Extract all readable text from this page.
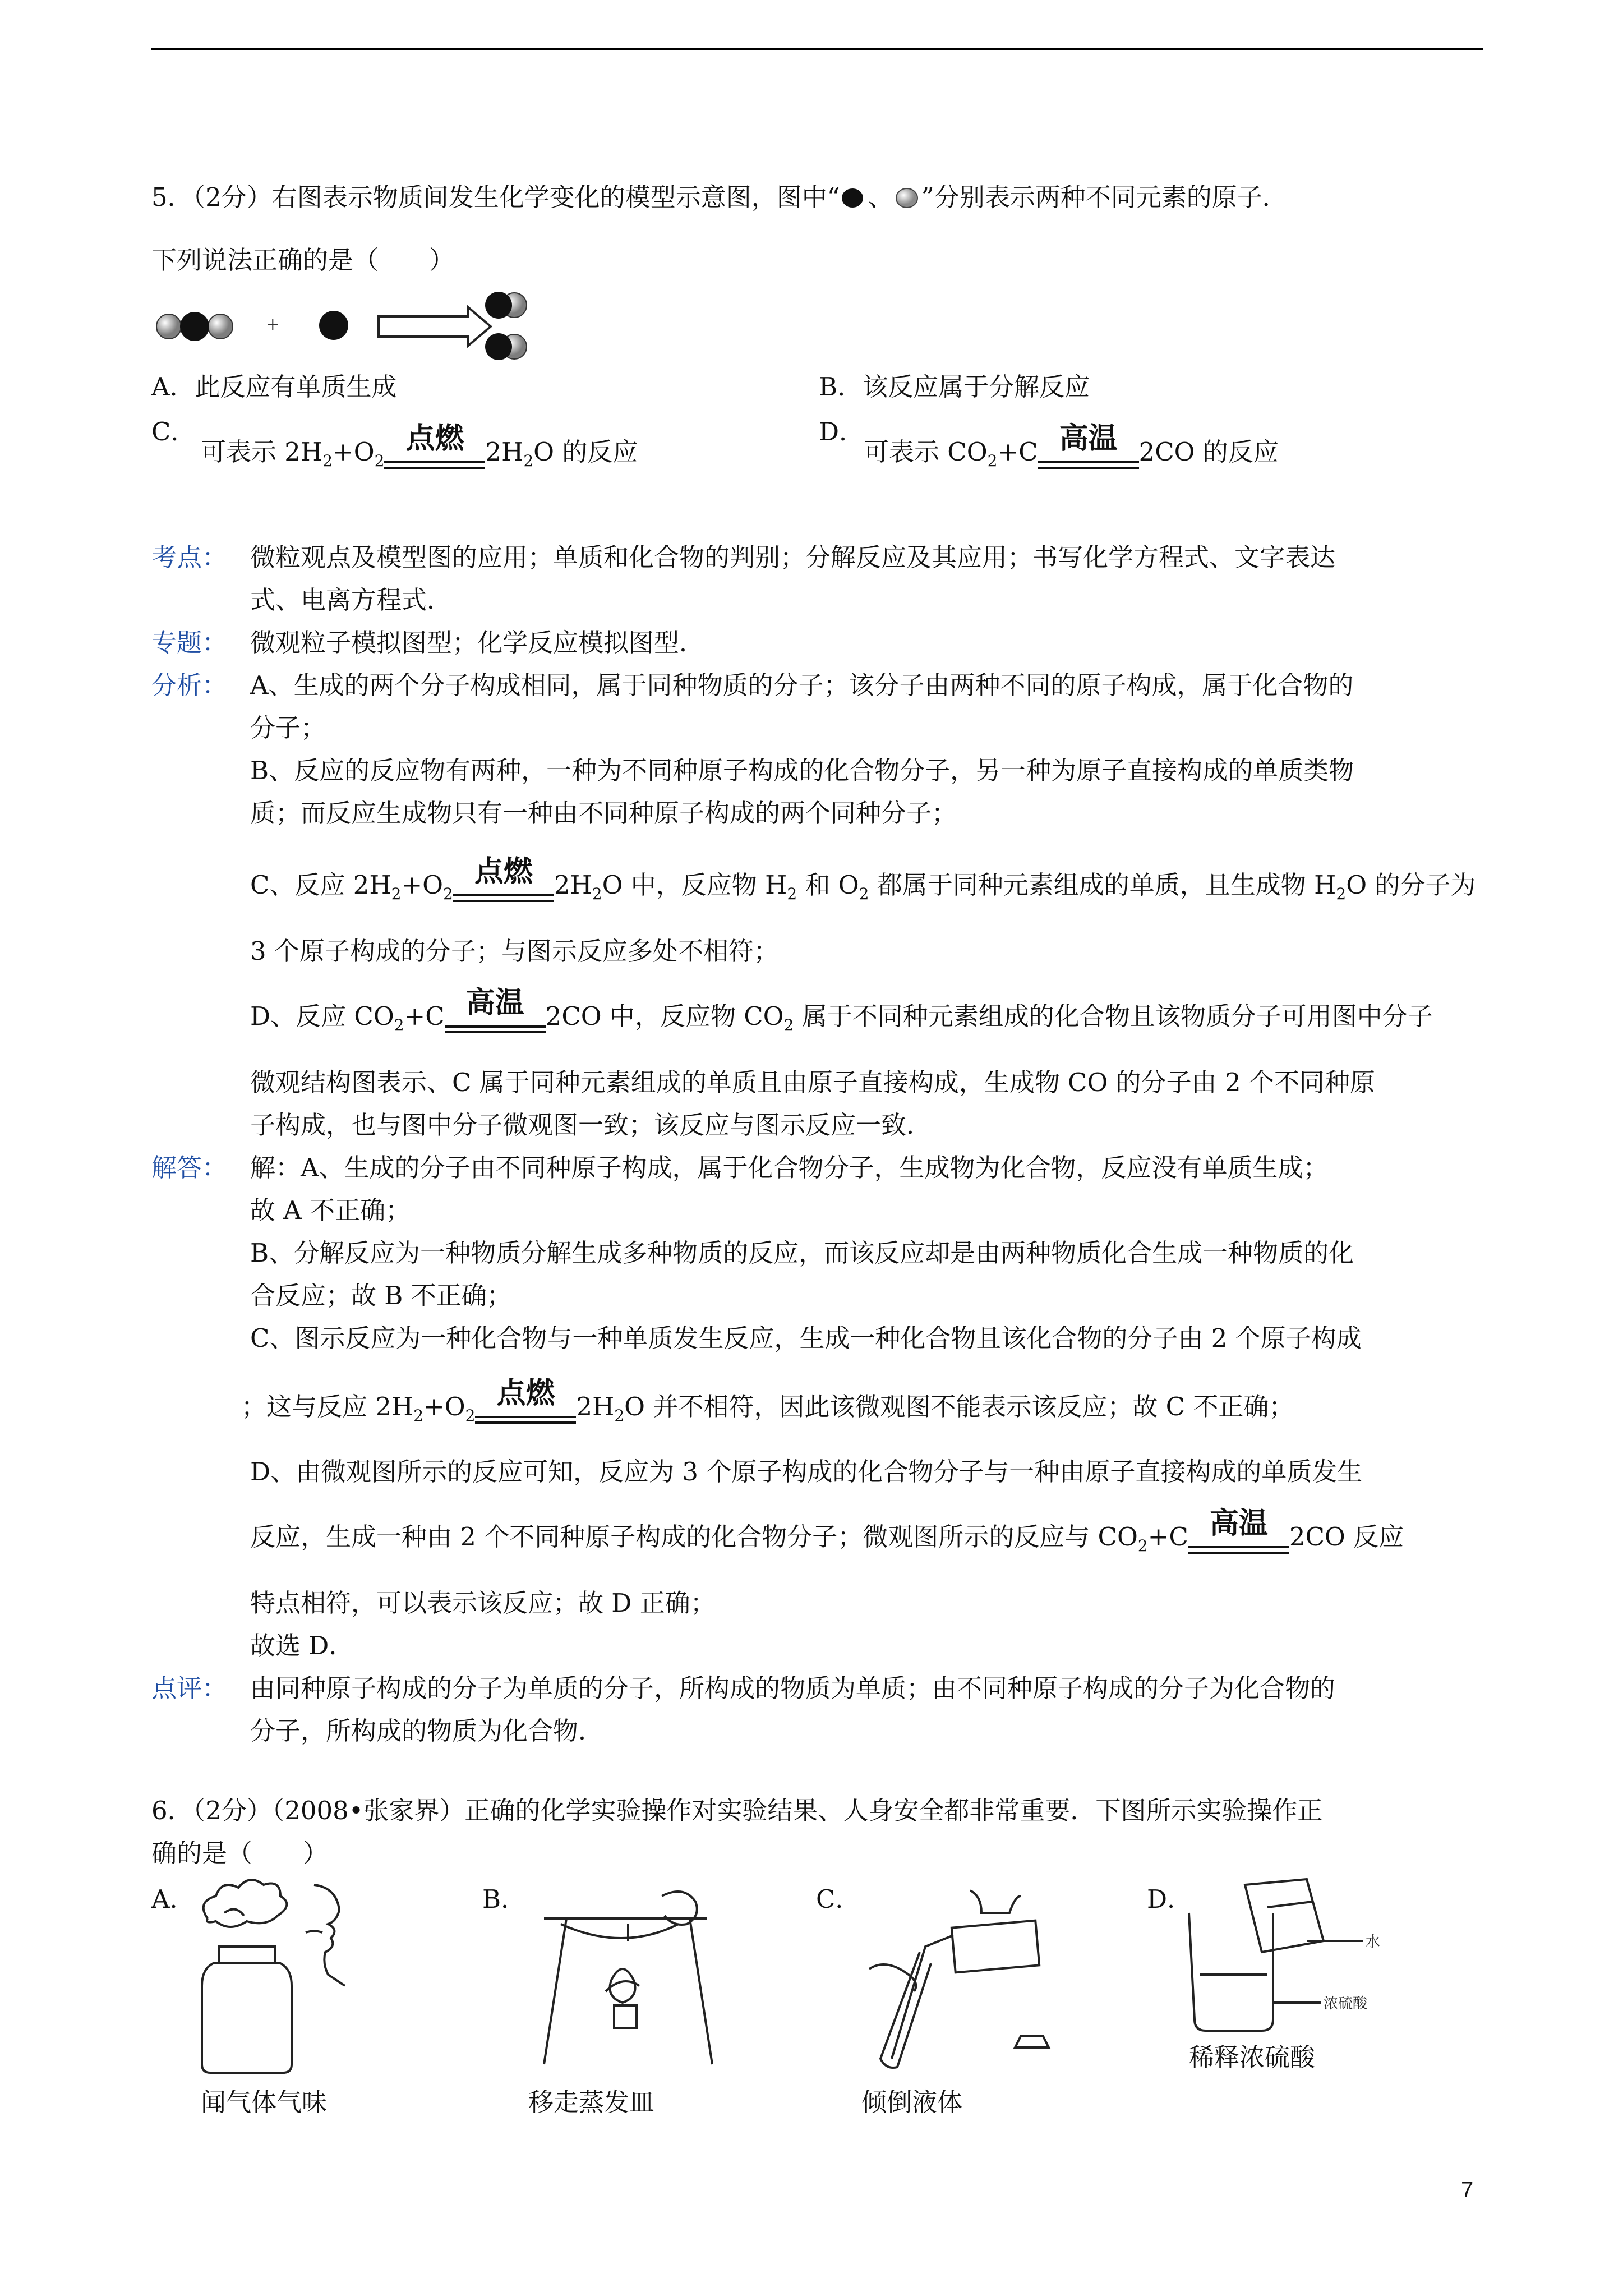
5．（2分）右图表示物质间发生化学变化的模型示意图，图中“ 、 ”分别表示两种不同元素的原子．
下列说法正确的是（　　）
+
A．此反应有单质生成	B．该反应属于分解反应
C．
可表示 $2H_2+O_2$
点燃 $2H_2O$ 的反应
D．
可表示 $CO_2+C$ 高温 2CO 的反应
考点： 微粒观点及模型图的应用；单质和化合物的判别；分解反应及其应用；书写化学方程式、文字表达
式、电离方程式．
专题： 微观粒子模拟图型；化学反应模拟图型．
分析： A、生成的两个分子构成相同，属于同种物质的分子；该分子由两种不同的原子构成，属于化合物的
分子；
B、反应的反应物有两种，一种为不同种原子构成的化合物分子，另一种为原子直接构成的单质类物
质；而反应生成物只有一种由不同种原子构成的两个同种分子；
C、反应 $2H_2+O_2$
点燃 $2H_2O$ 中，反应物 $H_2$ 和 $O_2$ 都属于同种元素组成的单质，且生成物 $H_2O$ 的分子为
3 个原子构成的分子；与图示反应多处不相符；
D、反应 $CO_2+C$ 高温 2CO 中，反应物 $CO_2$ 属于不同种元素组成的化合物且该物质分子可用图中分子
微观结构图表示、C 属于同种元素组成的单质且由原子直接构成，生成物 CO 的分子由 2 个不同种原
子构成，也与图中分子微观图一致；该反应与图示反应一致．
解答： 解：A、生成的分子由不同种原子构成，属于化合物分子，生成物为化合物，反应没有单质生成；
故 A 不正确；
B、分解反应为一种物质分解生成多种物质的反应，而该反应却是由两种物质化合生成一种物质的化
合反应；故 B 不正确；
C、图示反应为一种化合物与一种单质发生反应，生成一种化合物且该化合物的分子由 2 个原子构成
；这与反应 $2H_2+O_2$
点燃 $2H_2O$ 并不相符，因此该微观图不能表示该反应；故 C 不正确；
D、由微观图所示的反应可知，反应为 3 个原子构成的化合物分子与一种由原子直接构成的单质发生
反应，生成一种由 2 个不同种原子构成的化合物分子；微观图所示的反应与 $CO_2+C$ 高温 2CO 反应
特点相符，可以表示该反应；故 D 正确；
故选 D．
点评： 由同种原子构成的分子为单质的分子，所构成的物质为单质；由不同种原子构成的分子为化合物的
分子，所构成的物质为化合物．
6．（2分）（2008•张家界）正确的化学实验操作对实验结果、人身安全都非常重要．下图所示实验操作正
确的是（　　）
A．	B．	C．	D．
水
浓硫酸
闻气体气味	移走蒸发皿	倾倒液体
稀释浓硫酸
7
